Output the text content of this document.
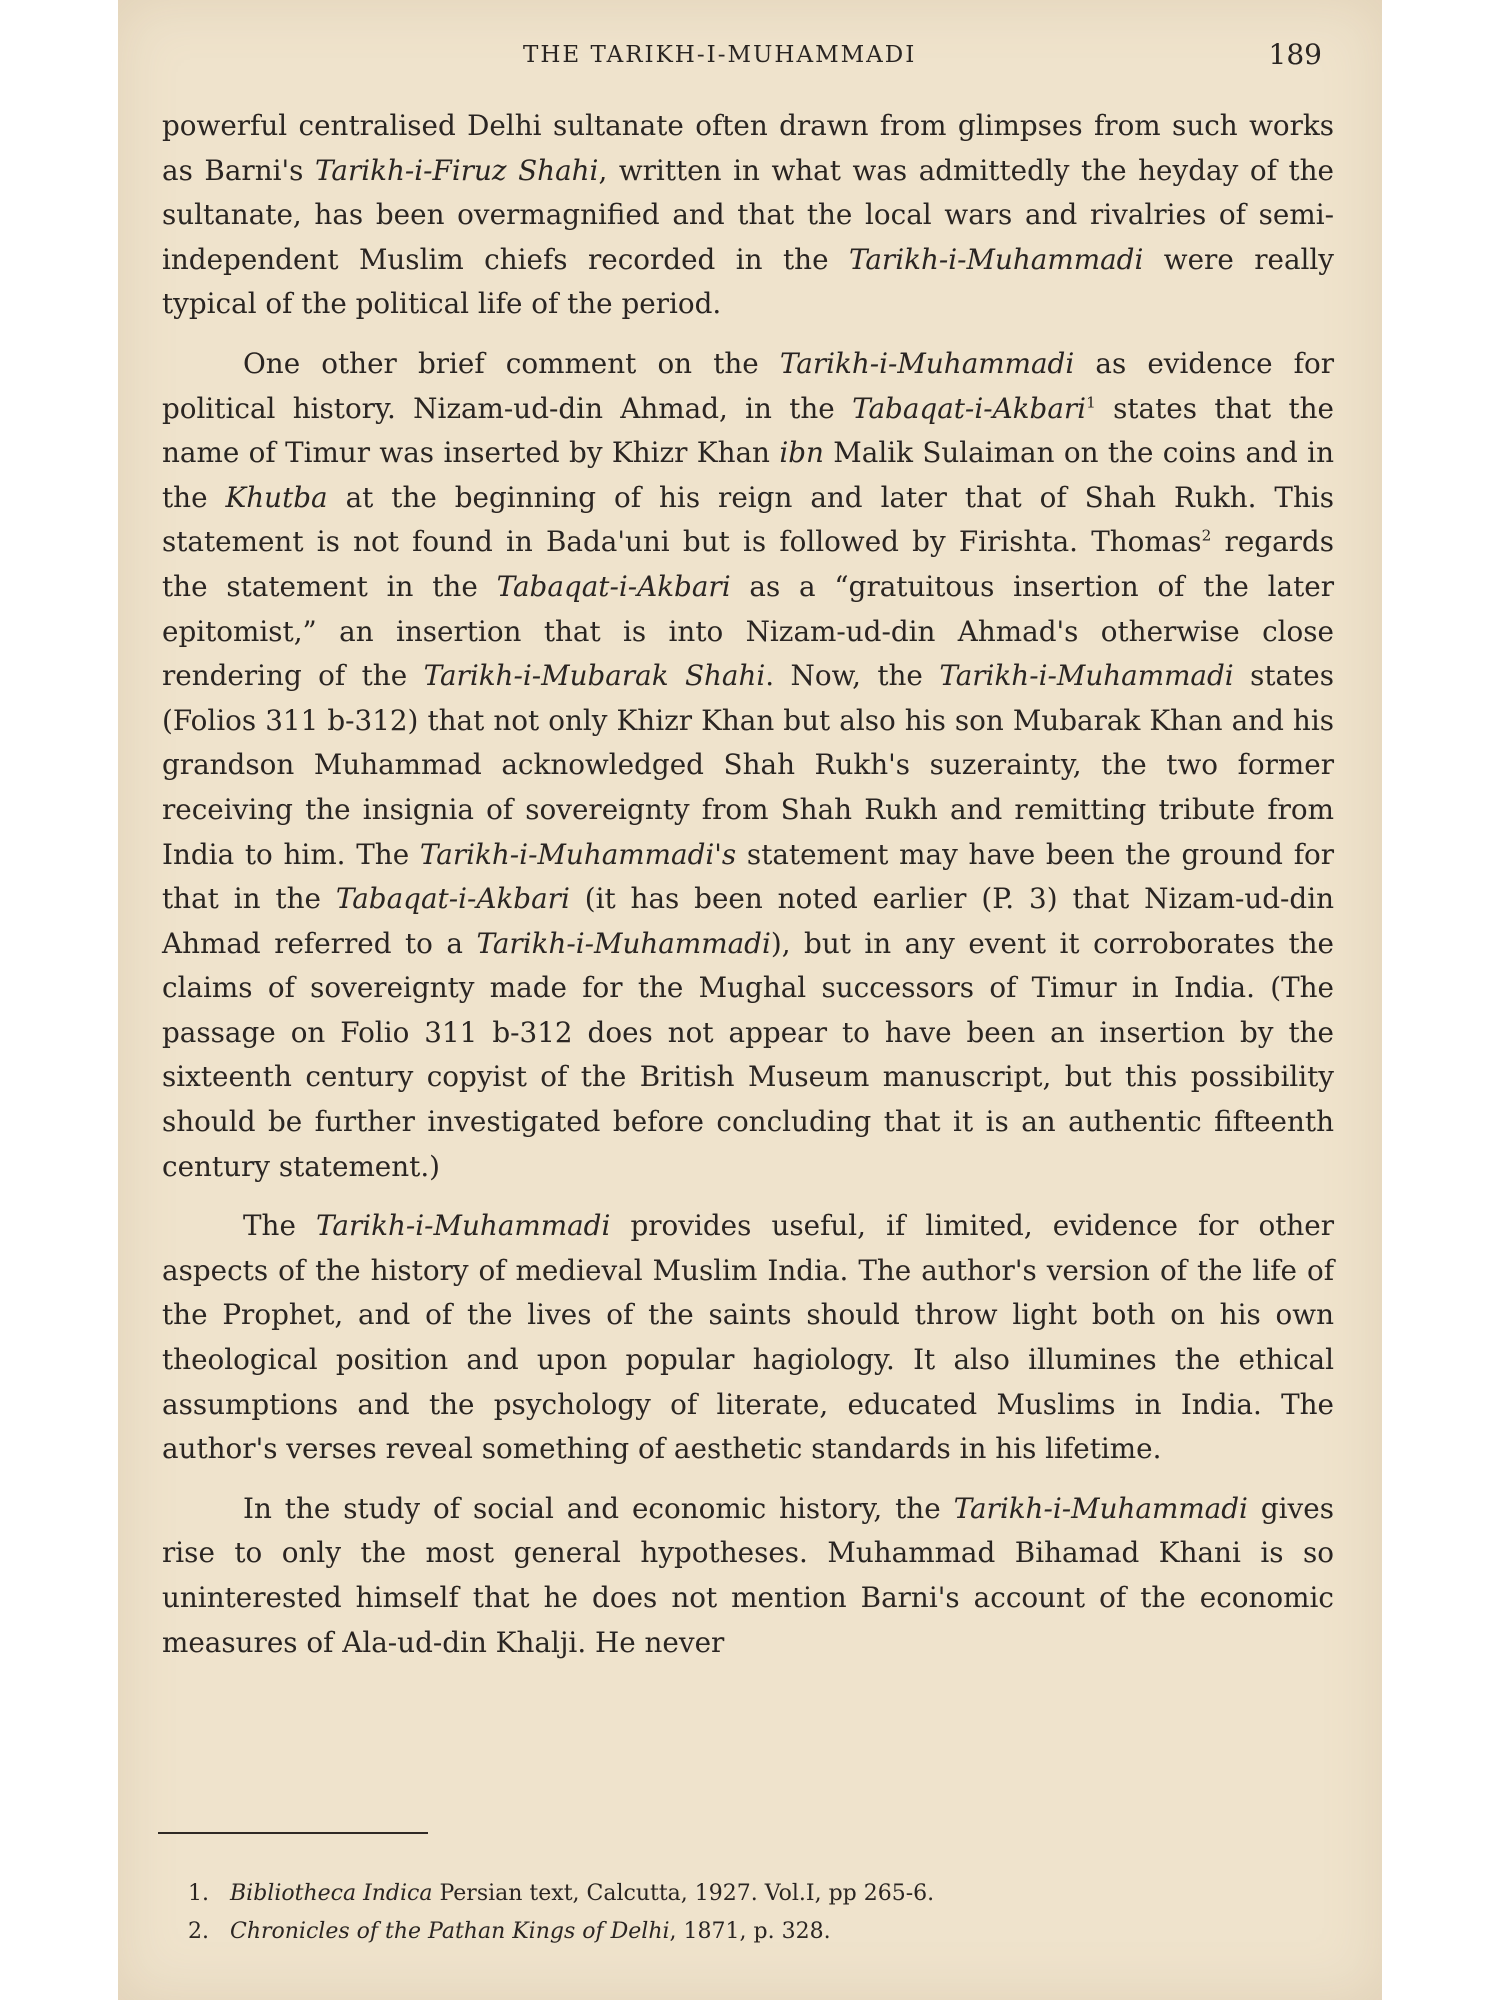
THE TARIKH-I-MUHAMMADI	189

powerful centralised Delhi sultanate often drawn from glimpses from such works as Barni's Tarikh-i-Firuz Shahi, written in what was admittedly the heyday of the sultanate, has been overmagnified and that the local wars and rivalries of semi-independent Muslim chiefs recorded in the Tarikh-i-Muhammadi were really typical of the political life of the period.

One other brief comment on the Tarikh-i-Muhammadi as evidence for political history. Nizam-ud-din Ahmad, in the Tabaqat-i-Akbari$^1$ states that the name of Timur was inserted by Khizr Khan ibn Malik Sulaiman on the coins and in the Khutba at the beginning of his reign and later that of Shah Rukh. This statement is not found in Bada'uni but is followed by Firishta. Thomas$^2$ regards the statement in the Tabaqat-i-Akbari as a “gratuitous insertion of the later epitomist,” an insertion that is into Nizam-ud-din Ahmad's otherwise close rendering of the Tarikh-i-Mubarak Shahi. Now, the Tarikh-i-Muhammadi states (Folios 311 b-312) that not only Khizr Khan but also his son Mubarak Khan and his grandson Muhammad acknowledged Shah Rukh's suzerainty, the two former receiving the insignia of sovereignty from Shah Rukh and remitting tribute from India to him. The Tarikh-i-Muhammadi's statement may have been the ground for that in the Tabaqat-i-Akbari (it has been noted earlier (P. 3) that Nizam-ud-din Ahmad referred to a Tarikh-i-Muhammadi), but in any event it corroborates the claims of sovereignty made for the Mughal successors of Timur in India. (The passage on Folio 311 b-312 does not appear to have been an insertion by the sixteenth century copyist of the British Museum manuscript, but this possibility should be further investigated before concluding that it is an authentic fifteenth century statement.)

The Tarikh-i-Muhammadi provides useful, if limited, evidence for other aspects of the history of medieval Muslim India. The author's version of the life of the Prophet, and of the lives of the saints should throw light both on his own theological position and upon popular hagiology. It also illumines the ethical assumptions and the psychology of literate, educated Muslims in India. The author's verses reveal something of aesthetic standards in his lifetime.

In the study of social and economic history, the Tarikh-i-Muhammadi gives rise to only the most general hypotheses. Muhammad Bihamad Khani is so uninterested himself that he does not mention Barni's account of the economic measures of Ala-ud-din Khalji. He never

1. Bibliotheca Indica Persian text, Calcutta, 1927. Vol.I, pp 265-6.
2. Chronicles of the Pathan Kings of Delhi, 1871, p. 328.
